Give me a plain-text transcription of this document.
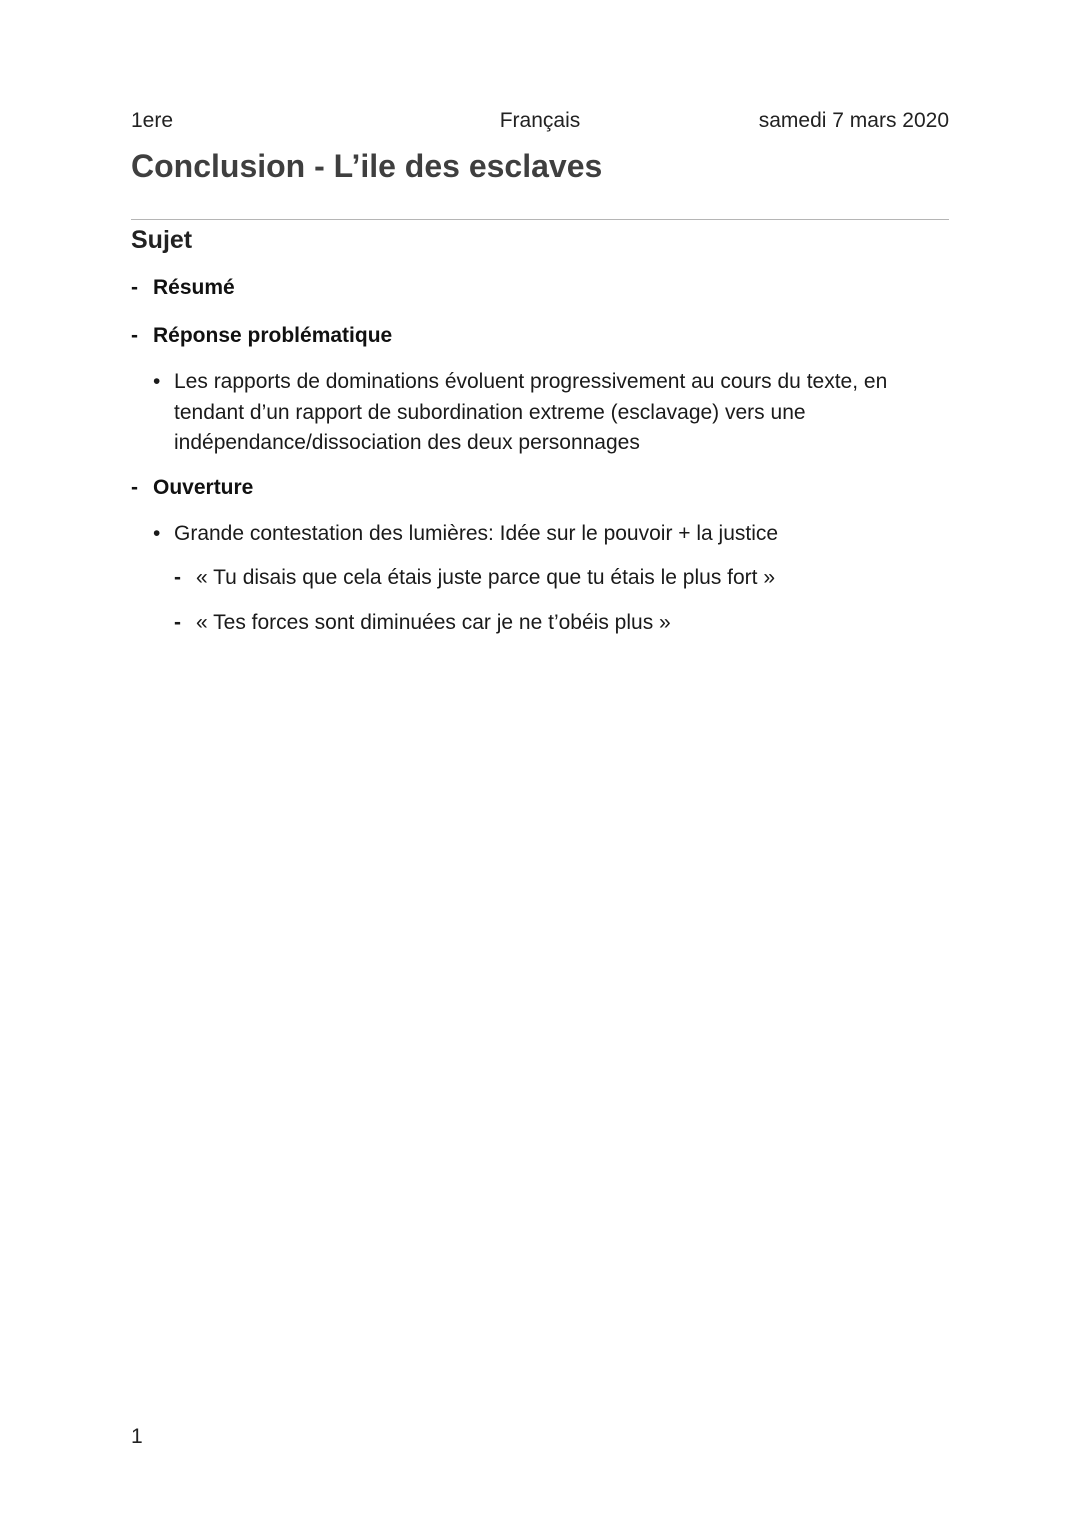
1ere	Français	samedi 7 mars 2020
Conclusion - L’ile des esclaves
Sujet
- Résumé
- Réponse problématique
• Les rapports de dominations évoluent progressivement au cours du texte, en tendant d’un rapport de subordination extreme (esclavage) vers une indépendance/dissociation des deux personnages
- Ouverture
• Grande contestation des lumières: Idée sur le pouvoir + la justice
- « Tu disais que cela étais juste parce que tu étais le plus fort »
- « Tes forces sont diminuées car je ne t’obéis plus »
1
